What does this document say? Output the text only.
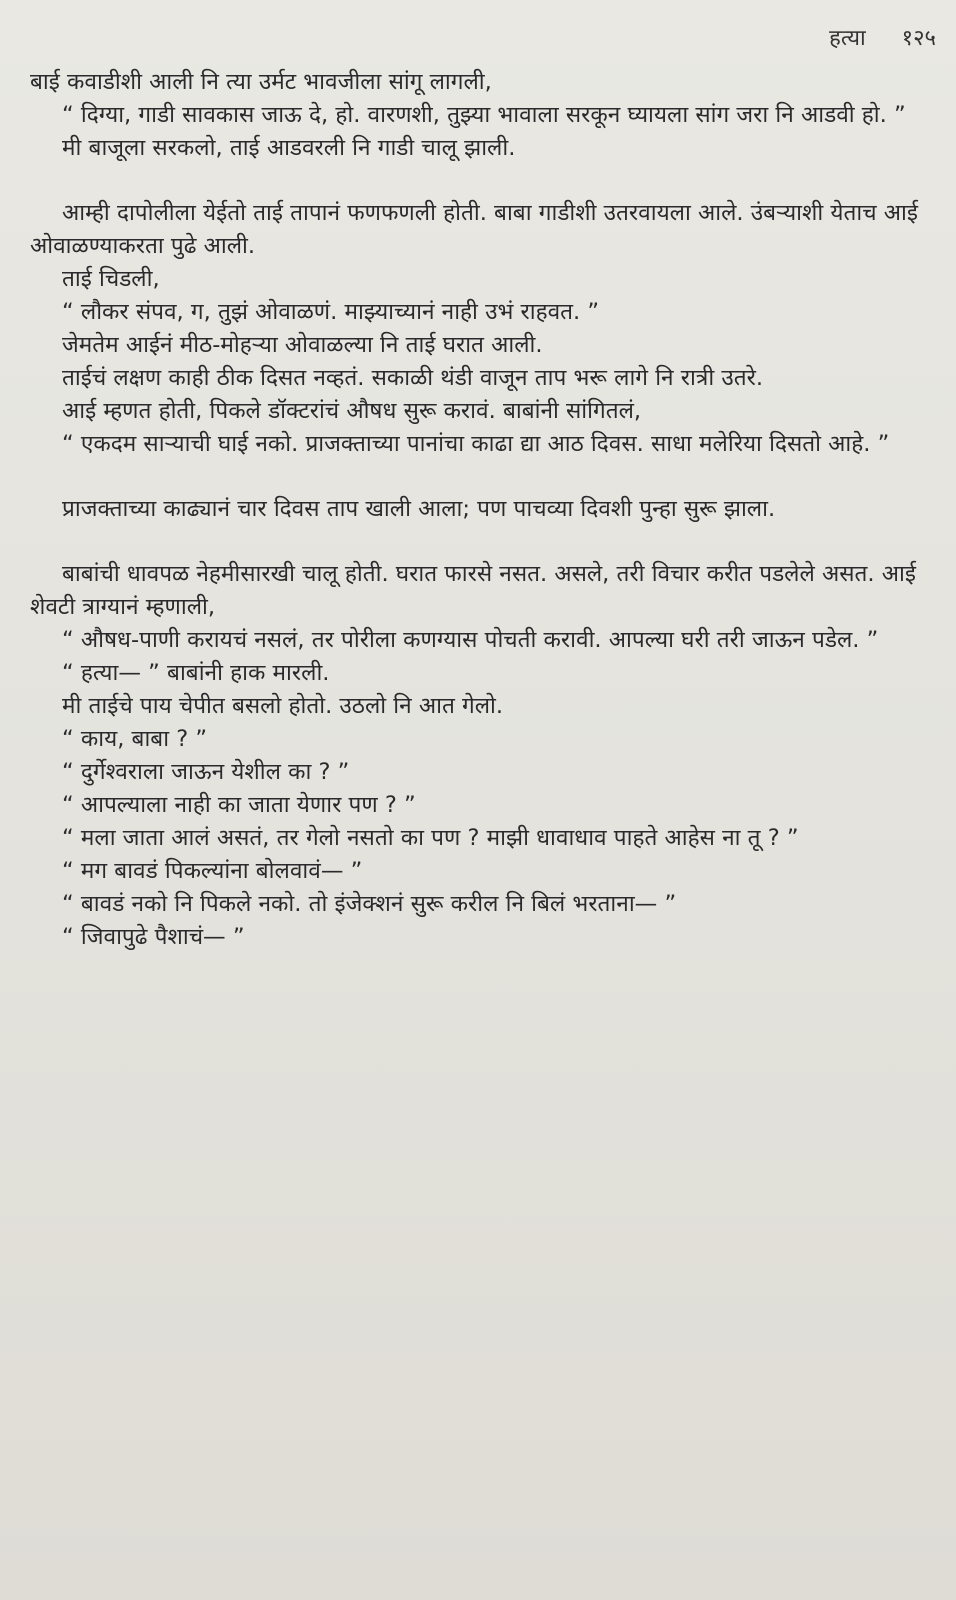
हत्या १२५

बाई कवाडीशी आली नि त्या उर्मट भावजीला सांगू लागली,

“ दिग्या, गाडी सावकास जाऊ दे, हो. वारणशी, तुझ्या भावाला सरकून घ्यायला सांग जरा नि आडवी हो. ”

मी बाजूला सरकलो, ताई आडवरली नि गाडी चालू झाली.

आम्ही दापोलीला येईतो ताई तापानं फणफणली होती. बाबा गाडीशी उतरवायला आले. उंबऱ्याशी येताच आई ओवाळण्याकरता पुढे आली.

ताई चिडली,

“ लौकर संपव, ग, तुझं ओवाळणं. माझ्याच्यानं नाही उभं राहवत. ”

जेमतेम आईनं मीठ-मोहऱ्या ओवाळल्या नि ताई घरात आली.

ताईचं लक्षण काही ठीक दिसत नव्हतं. सकाळी थंडी वाजून ताप भरू लागे नि रात्री उतरे.

आई म्हणत होती, पिकले डॉक्टरांचं औषध सुरू करावं. बाबांनी सांगितलं,

“ एकदम साऱ्याची घाई नको. प्राजक्ताच्या पानांचा काढा द्या आठ दिवस. साधा मलेरिया दिसतो आहे. ”

प्राजक्ताच्या काढ्यानं चार दिवस ताप खाली आला; पण पाचव्या दिवशी पुन्हा सुरू झाला.

बाबांची धावपळ नेहमीसारखी चालू होती. घरात फारसे नसत. असले, तरी विचार करीत पडलेले असत. आई शेवटी त्राग्यानं म्हणाली,

“ औषध-पाणी करायचं नसलं, तर पोरीला कणग्यास पोचती करावी. आपल्या घरी तरी जाऊन पडेल. ”

“ हत्या— ” बाबांनी हाक मारली.

मी ताईचे पाय चेपीत बसलो होतो. उठलो नि आत गेलो.

“ काय, बाबा ? ”

“ दुर्गेश्वराला जाऊन येशील का ? ”

“ आपल्याला नाही का जाता येणार पण ? ”

“ मला जाता आलं असतं, तर गेलो नसतो का पण ? माझी धावाधाव पाहते आहेस ना तू ? ”

“ मग बावडं पिकल्यांना बोलवावं— ”

“ बावडं नको नि पिकले नको. तो इंजेक्शनं सुरू करील नि बिलं भरताना— ”

“ जिवापुढे पैशाचं— ”
